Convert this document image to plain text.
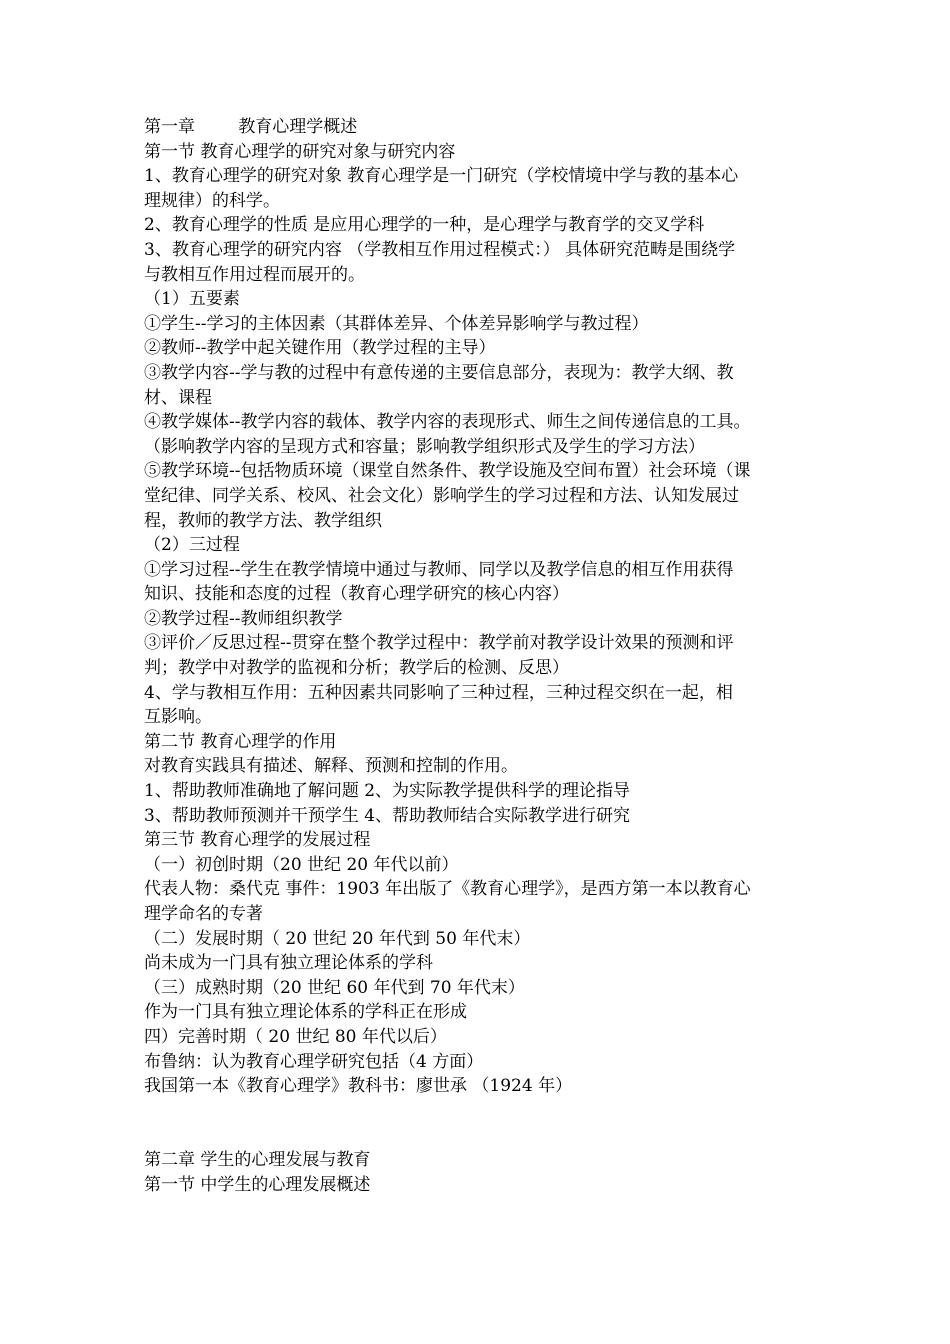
第一章        教育心理学概述

第一节 教育心理学的研究对象与研究内容

1、教育心理学的研究对象 教育心理学是一门研究（学校情境中学与教的基本心

理规律）的科学。

2、教育心理学的性质 是应用心理学的一种，是心理学与教育学的交叉学科

3、教育心理学的研究内容 （学教相互作用过程模式：） 具体研究范畴是围绕学

与教相互作用过程而展开的。

（1）五要素

①学生--学习的主体因素（其群体差异、个体差异影响学与教过程）

②教师--教学中起关键作用（教学过程的主导）

③教学内容--学与教的过程中有意传递的主要信息部分，表现为：教学大纲、教

材、课程

④教学媒体--教学内容的载体、教学内容的表现形式、师生之间传递信息的工具。

（影响教学内容的呈现方式和容量；影响教学组织形式及学生的学习方法）

⑤教学环境--包括物质环境（课堂自然条件、教学设施及空间布置）社会环境（课

堂纪律、同学关系、校风、社会文化）影响学生的学习过程和方法、认知发展过

程，教师的教学方法、教学组织

（2）三过程

①学习过程--学生在教学情境中通过与教师、同学以及教学信息的相互作用获得

知识、技能和态度的过程（教育心理学研究的核心内容）

②教学过程--教师组织教学

③评价／反思过程--贯穿在整个教学过程中：教学前对教学设计效果的预测和评

判；教学中对教学的监视和分析；教学后的检测、反思）

4、学与教相互作用：五种因素共同影响了三种过程，三种过程交织在一起，相

互影响。

第二节 教育心理学的作用

对教育实践具有描述、解释、预测和控制的作用。

1、帮助教师准确地了解问题 2、为实际教学提供科学的理论指导

3、帮助教师预测并干预学生 4、帮助教师结合实际教学进行研究

第三节 教育心理学的发展过程

（一）初创时期（20 世纪 20 年代以前）

代表人物：桑代克 事件：1903 年出版了《教育心理学》，是西方第一本以教育心

理学命名的专著

（二）发展时期（ 20 世纪 20 年代到 50 年代末）

尚未成为一门具有独立理论体系的学科

（三）成熟时期（20 世纪 60 年代到 70 年代末）

作为一门具有独立理论体系的学科正在形成

四）完善时期（ 20 世纪 80 年代以后）

布鲁纳：认为教育心理学研究包括（4 方面）

我国第一本《教育心理学》教科书：廖世承 （1924 年）

第二章 学生的心理发展与教育

第一节 中学生的心理发展概述
